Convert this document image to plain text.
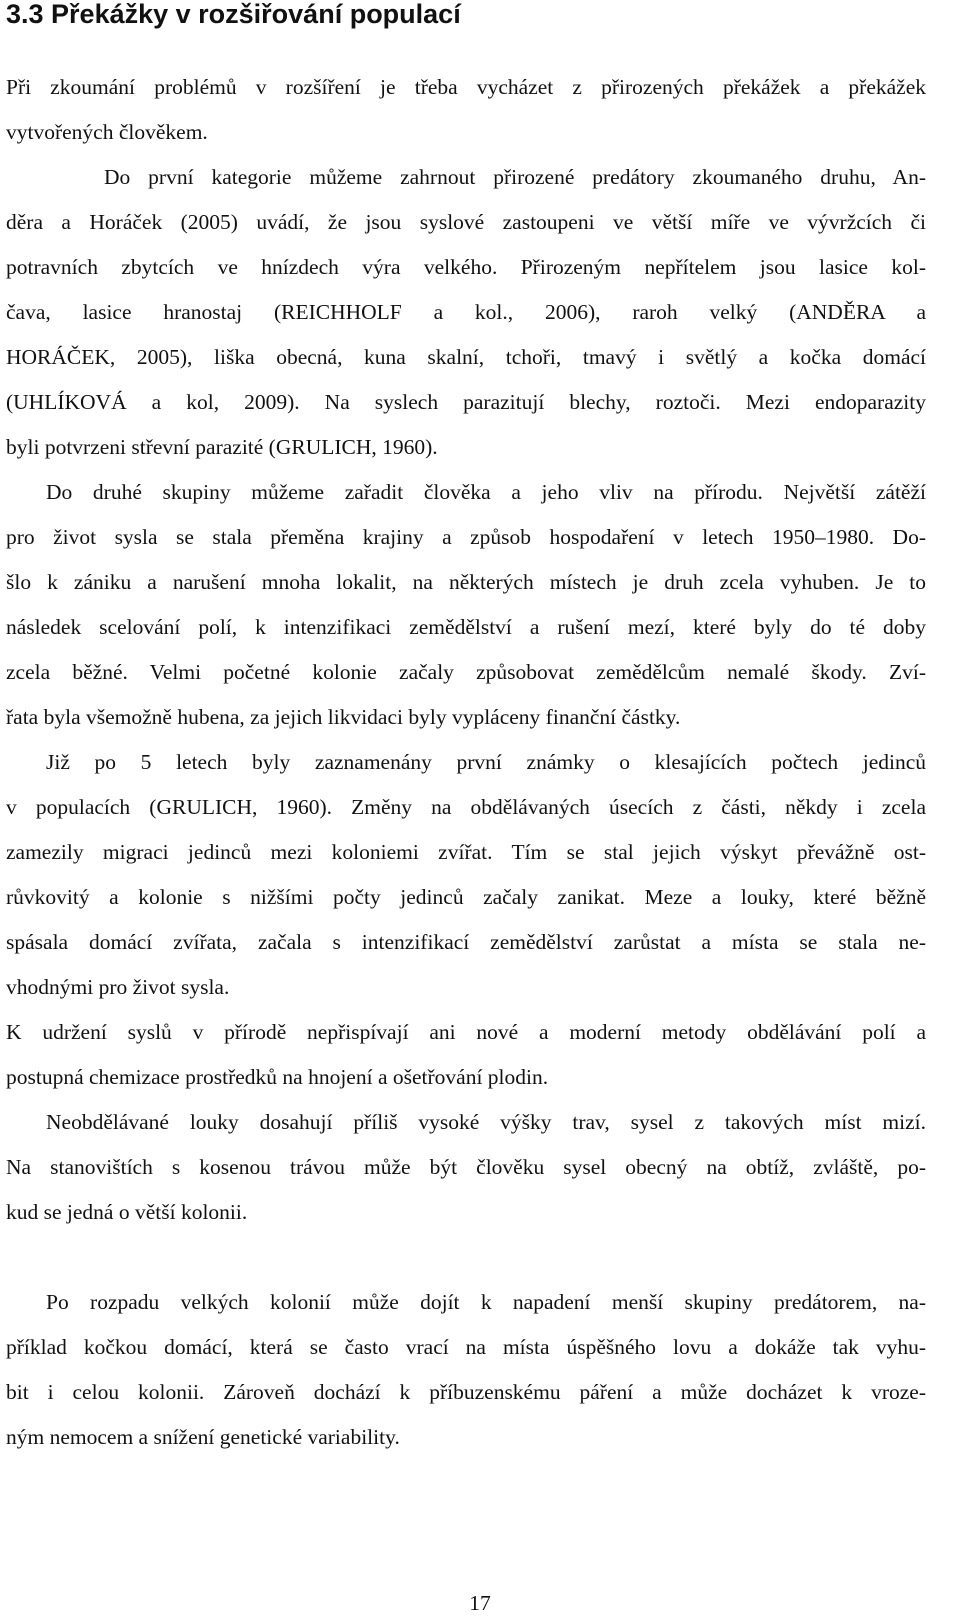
3.3 Překážky v rozšiřování populací
Při zkoumání problémů v rozšíření je třeba vycházet z přirozených překážek a překážek
vytvořených člověkem.
Do první kategorie můžeme zahrnout přirozené predátory zkoumaného druhu, An-
děra a Horáček (2005) uvádí, že jsou syslové zastoupeni ve větší míře ve vývržcích či
potravních zbytcích ve hnízdech výra velkého. Přirozeným nepřítelem jsou lasice kol-
čava, lasice hranostaj (REICHHOLF a kol., 2006), raroh velký (ANDĚRA a
HORÁČEK, 2005), liška obecná, kuna skalní, tchoři, tmavý i světlý a kočka domácí
(UHLÍKOVÁ a kol, 2009). Na syslech parazitují blechy, roztoči. Mezi endoparazity
byli potvrzeni střevní parazité (GRULICH, 1960).
Do druhé skupiny můžeme zařadit člověka a jeho vliv na přírodu. Největší zátěží
pro život sysla se stala přeměna krajiny a způsob hospodaření v letech 1950–1980. Do-
šlo k zániku a narušení mnoha lokalit, na některých místech je druh zcela vyhuben. Je to
následek scelování polí, k intenzifikaci zemědělství a rušení mezí, které byly do té doby
zcela běžné. Velmi početné kolonie začaly způsobovat zemědělcům nemalé škody. Zví-
řata byla všemožně hubena, za jejich likvidaci byly vypláceny finanční částky.
Již po 5 letech byly zaznamenány první známky o klesajících počtech jedinců
v populacích (GRULICH, 1960). Změny na obdělávaných úsecích z části, někdy i zcela
zamezily migraci jedinců mezi koloniemi zvířat. Tím se stal jejich výskyt převážně ost-
růvkovitý a kolonie s nižšími počty jedinců začaly zanikat. Meze a louky, které běžně
spásala domácí zvířata, začala s intenzifikací zemědělství zarůstat a místa se stala ne-
vhodnými pro život sysla.
K udržení syslů v přírodě nepřispívají ani nové a moderní metody obdělávání polí a
postupná chemizace prostředků na hnojení a ošetřování plodin.
Neobdělávané louky dosahují příliš vysoké výšky trav, sysel z takových míst mizí.
Na stanovištích s kosenou trávou může být člověku sysel obecný na obtíž, zvláště, po-
kud se jedná o větší kolonii.
Po rozpadu velkých kolonií může dojít k napadení menší skupiny predátorem, na-
příklad kočkou domácí, která se často vrací na místa úspěšného lovu a dokáže tak vyhu-
bit i celou kolonii. Zároveň dochází k příbuzenskému páření a může docházet k vroze-
ným nemocem a snížení genetické variability.
17
